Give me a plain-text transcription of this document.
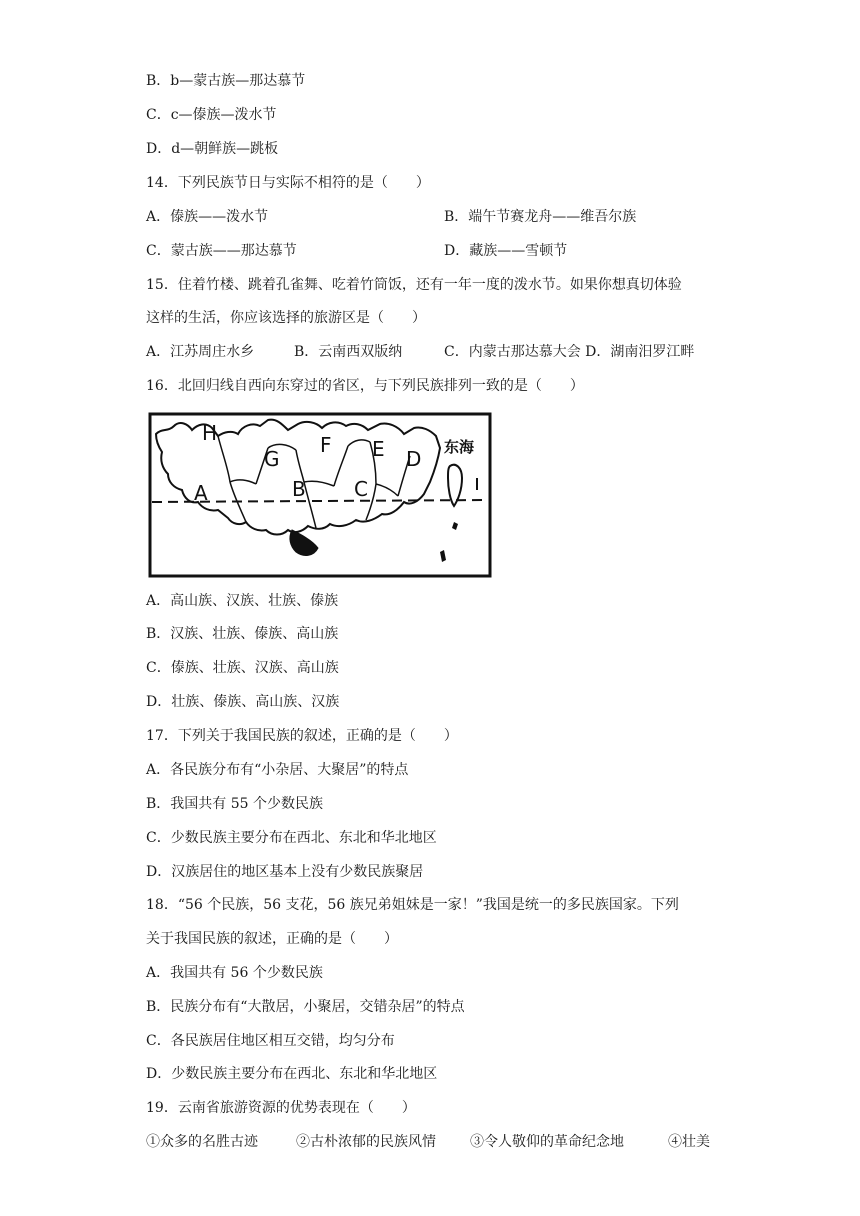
B．b—蒙古族—那达慕节
C．c—傣族—泼水节
D．d—朝鲜族—跳板
14．下列民族节日与实际不相符的是（　　）
A．傣族——泼水节	B．端午节赛龙舟——维吾尔族
C．蒙古族——那达慕节	D．藏族——雪顿节
15．住着竹楼、跳着孔雀舞、吃着竹筒饭，还有一年一度的泼水节。如果你想真切体验
这样的生活，你应该选择的旅游区是（　　）
A．江苏周庄水乡	B．云南西双版纳	C．内蒙古那达慕大会 D．湖南汨罗江畔
16．北回归线自西向东穿过的省区，与下列民族排列一致的是（　　）
H
G
F E D
A	B C
东海
A．高山族、汉族、壮族、傣族
B．汉族、壮族、傣族、高山族
C．傣族、壮族、汉族、高山族
D．壮族、傣族、高山族、汉族
17．下列关于我国民族的叙述，正确的是（　　）
A．各民族分布有“小杂居、大聚居”的特点
B．我国共有 55 个少数民族
C．少数民族主要分布在西北、东北和华北地区
D．汉族居住的地区基本上没有少数民族聚居
18．“56 个民族，56 支花，56 族兄弟姐妹是一家！”我国是统一的多民族国家。下列
关于我国民族的叙述，正确的是（　　）
A．我国共有 56 个少数民族
B．民族分布有“大散居，小聚居，交错杂居”的特点
C．各民族居住地区相互交错，均匀分布
D．少数民族主要分布在西北、东北和华北地区
19．云南省旅游资源的优势表现在（　　）
①众多的名胜古迹	②古朴浓郁的民族风情 ③令人敬仰的革命纪念地	④壮美
